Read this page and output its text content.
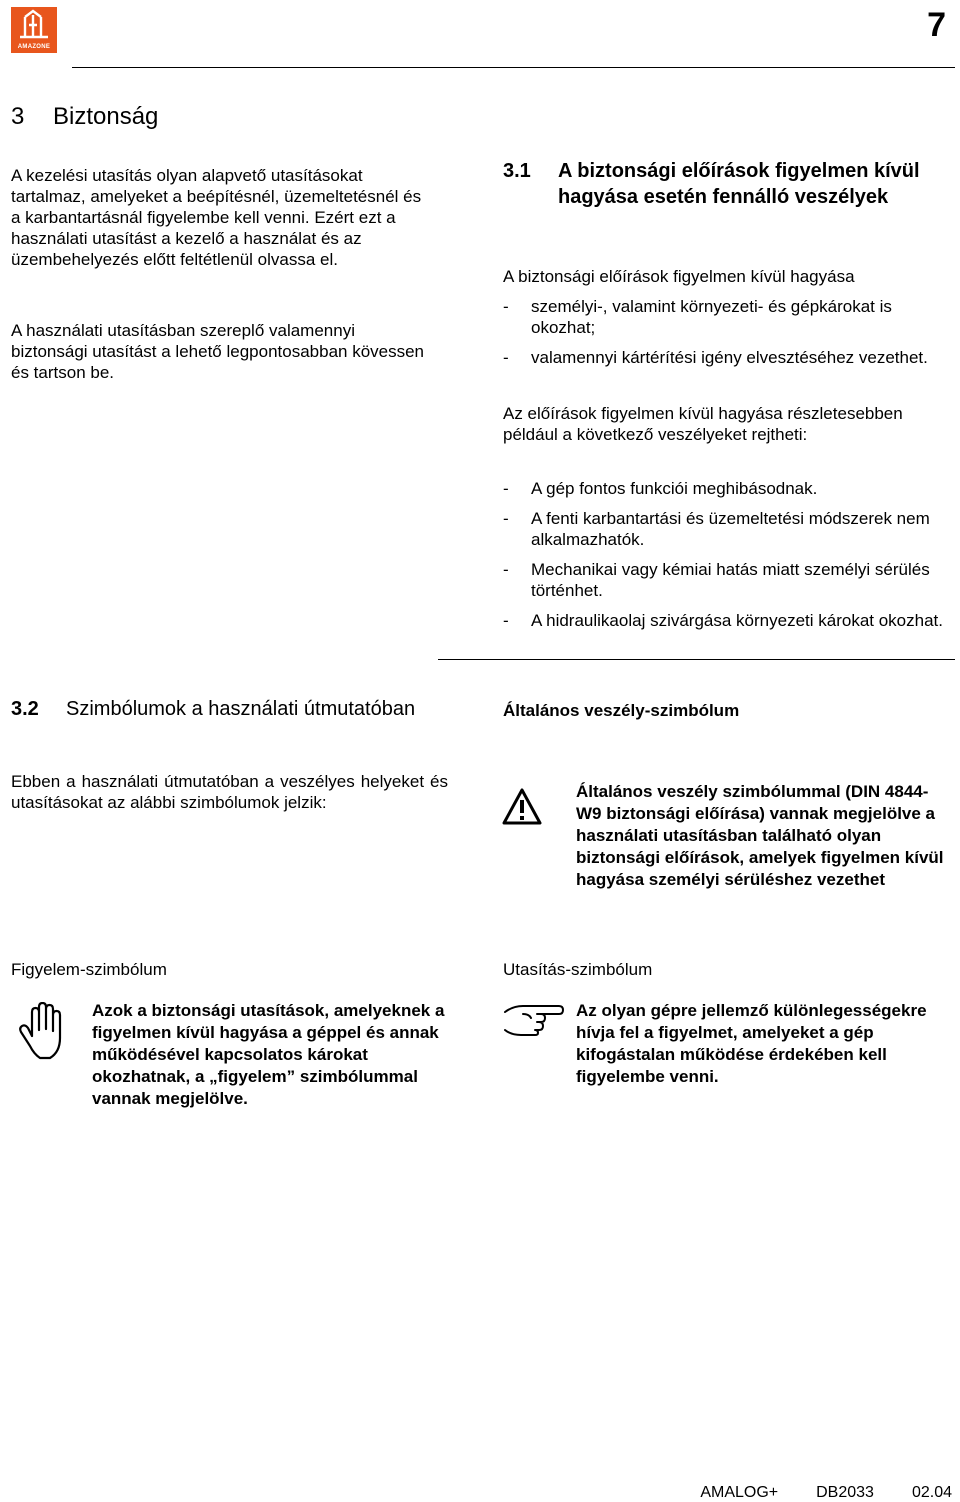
AMAZONE
7
3 Biztonság

A kezelési utasítás olyan alapvető utasításokat tartalmaz, amelyeket a beépítésnél, üzemeltetésnél és a karbantartásnál figyelembe kell venni. Ezért ezt a használati utasítást a kezelő a használat és az üzembehelyezés előtt feltétlenül olvassa el.

A használati utasításban szereplő valamennyi biztonsági utasítást a lehető legpontosabban kövessen és tartson be.

3.1	A biztonsági előírások figyelmen kívül hagyása esetén fennálló veszélyek

A biztonsági előírások figyelmen kívül hagyása

- személyi-, valamint környezeti- és gépkárokat is okozhat;
- valamennyi kártérítési igény elvesztéséhez vezethet.

Az előírások figyelmen kívül hagyása részletesebben például a következő veszélyeket rejtheti:

- A gép fontos funkciói meghibásodnak.
- A fenti karbantartási és üzemeltetési módszerek nem alkalmazhatók.
- Mechanikai vagy kémiai hatás miatt személyi sérülés történhet.
- A hidraulikaolaj szivárgása környezeti károkat okozhat.
3.2	Szimbólumok a használati útmutatóban

Ebben a használati útmutatóban a veszélyes helyeket és utasításokat az alábbi szimbólumok jelzik:

Általános veszély-szimbólum

Általános veszély szimbólummal (DIN 4844-W9 biztonsági előírása) vannak megjelölve a használati utasításban található olyan biztonsági előírások, amelyek figyelmen kívül hagyása személyi sérüléshez vezethet

Figyelem-szimbólum

Azok a biztonsági utasítások, amelyeknek a figyelmen kívül hagyása a géppel és annak működésével kapcsolatos károkat okozhatnak, a „figyelem” szimbólummal vannak megjelölve.

Utasítás-szimbólum

Az olyan gépre jellemző különlegességekre hívja fel a figyelmet, amelyeket a gép kifogástalan működése érdekében kell figyelembe venni.

AMALOG+ DB2033 02.04
